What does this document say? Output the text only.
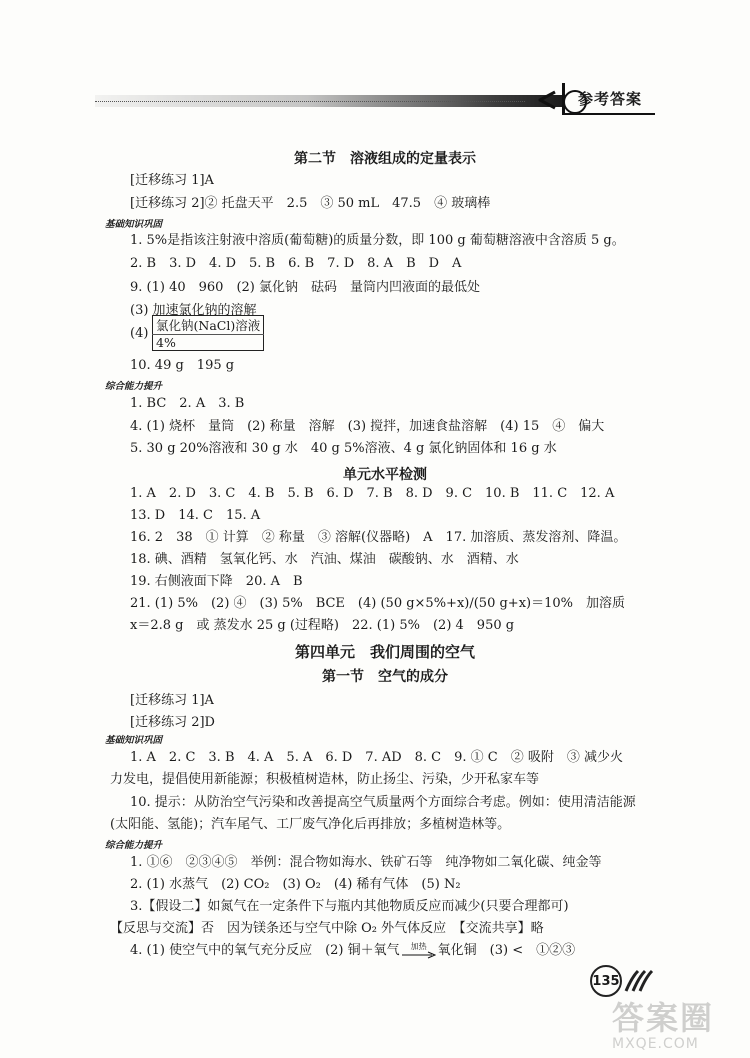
参考答案
第二节　溶液组成的定量表示
[迁移练习 1]A
[迁移练习 2]② 托盘天平　2.5　③ 50 mL　47.5　④ 玻璃棒
基础知识巩固
1. 5%是指该注射液中溶质(葡萄糖)的质量分数，即 100 g 葡萄糖溶液中含溶质 5 g。
2. B　3. D　4. D　5. B　6. B　7. D　8. A　B　D　A
9. (1) 40　960　(2) 氯化钠　砝码　量筒内凹液面的最低处
(3) 加速氯化钠的溶解
(4)
氯化钠(NaCl)溶液
4%
10. 49 g　195 g
综合能力提升
1. BC　2. A　3. B
4. (1) 烧杯　量筒　(2) 称量　溶解　(3) 搅拌，加速食盐溶解　(4) 15　④　偏大
5. 30 g 20%溶液和 30 g 水　40 g 5%溶液、4 g 氯化钠固体和 16 g 水
单元水平检测
1. A　2. D　3. C　4. B　5. B　6. D　7. B　8. D　9. C　10. B　11. C　12. A
13. D　14. C　15. A
16. 2　38　① 计算　② 称量　③ 溶解(仪器略)　A　17. 加溶质、蒸发溶剂、降温。
18. 碘、酒精　氢氧化钙、水　汽油、煤油　碳酸钠、水　酒精、水
19. 右侧液面下降　20. A　B
21. (1) 5%　(2) ④　(3) 5%　BCE　(4) (50 g×5%+x)/(50 g+x)＝10%　加溶质
x＝2.8 g　或 蒸发水 25 g (过程略)　22. (1) 5%　(2) 4　950 g
第四单元　我们周围的空气
第一节　空气的成分
[迁移练习 1]A
[迁移练习 2]D
基础知识巩固
1. A　2. C　3. B　4. A　5. A　6. D　7. AD　8. C　9. ① C　② 吸附　③ 减少火
力发电，提倡使用新能源；积极植树造林，防止扬尘、污染，少开私家车等
10. 提示：从防治空气污染和改善提高空气质量两个方面综合考虑。例如：使用清洁能源
(太阳能、氢能)；汽车尾气、工厂废气净化后再排放；多植树造林等。
综合能力提升
1. ①⑥　②③④⑤　举例：混合物如海水、铁矿石等　纯净物如二氧化碳、纯金等
2. (1) 水蒸气　(2) CO₂　(3) O₂　(4) 稀有气体　(5) N₂
3.【假设二】如氮气在一定条件下与瓶内其他物质反应而减少(只要合理都可)
【反思与交流】否　因为镁条还与空气中除 O₂ 外气体反应　【交流共享】略
4. (1) 使空气中的氧气充分反应　(2) 铜＋氧气 加热 氧化铜　(3) <　①②③
135
答案圈
MXQE.COM
